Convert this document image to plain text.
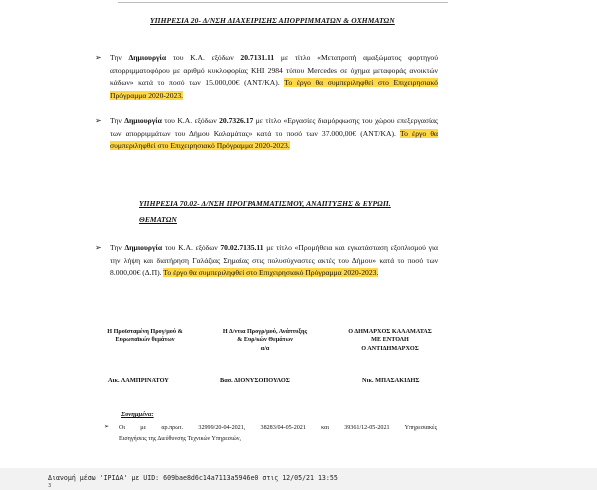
ΥΠΗΡΕΣΙΑ 20- Δ/ΝΣΗ ΔΙΑΧΕΙΡΙΣΗΣ ΑΠΟΡΡΙΜΜΑΤΩΝ & ΟΧΗΜΑΤΩΝ
➢ Την Δημιουργία του Κ.Α. εξόδων 20.7131.11 με τίτλο «Μετατροπή αμαξώματος φορτηγού απορριμματοφόρου με αριθμό κυκλοφορίας ΚΗΙ 2984 τύπου Mercedes σε όχημα μεταφοράς ανοικτών κάδων» κατά το ποσό των 15.000,00€ (ΑΝΤ/ΚΑ). Το έργο θα συμπεριληφθεί στο Επιχειρησιακό Πρόγραμμα 2020-2023.
➢ Την Δημιουργία του Κ.Α. εξόδων 20.7326.17 με τίτλο «Εργασίες διαμόρφωσης του χώρου επεξεργασίας των απορριμμάτων του Δήμου Καλαμάτας» κατά το ποσό των 37.000,00€ (ΑΝΤ/ΚΑ). Το έργο θα συμπεριληφθεί στο Επιχειρησιακό Πρόγραμμα 2020-2023.
ΥΠΗΡΕΣΙΑ 70.02- Δ/ΝΣΗ ΠΡΟΓΡΑΜΜΑΤΙΣΜΟΥ, ΑΝΑΠΤΥΞΗΣ & ΕΥΡΩΠ.
ΘΕΜΑΤΩΝ
➢ Την Δημιουργία του Κ.Α. εξόδων 70.02.7135.11 με τίτλο «Προμήθεια και εγκατάσταση εξοπλισμού για την λήψη και διατήρηση Γαλάζιας Σημαίας στις πολυσύχναστες ακτές του Δήμου» κατά το ποσό των 8.000,00€ (Δ.Π). Το έργο θα συμπεριληφθεί στο Επιχειρησιακό Πρόγραμμα 2020-2023.
Η Προϊσταμένη Προγ/μού &
Ευρωπαϊκών θεμάτων
Η Δ/ντια Προγρ/μού, Ανάπτυξης
& Ευρ/κών Θεμάτων
α/α
Ο ΔΗΜΑΡΧΟΣ ΚΑΛΑΜΑΤΑΣ
ΜΕ ΕΝΤΟΛΗ
Ο ΑΝΤΙΔΗΜΑΡΧΟΣ
Αικ. ΛΑΜΠΡΙΝΑΤΟΥ	Βασ. ΔΙΟΝΥΣΟΠΟΥΛΟΣ	Νικ. ΜΠΑΣΑΚΙΔΗΣ
Συνημμένα:
➢ Οι με αρ.πρωτ. 32999/20-04-2021, 38283/04-05-2021 και 39361/12-05-2021 Υπηρεσιακές
Εισηγήσεις της Διεύθυνσης Τεχνικών Υπηρεσιών,
Διανομή μέσω 'ΙΡΙΔΑ' με UID: 609bae8d6c14a7113a5946e0 στις 12/05/21 13:55
3
